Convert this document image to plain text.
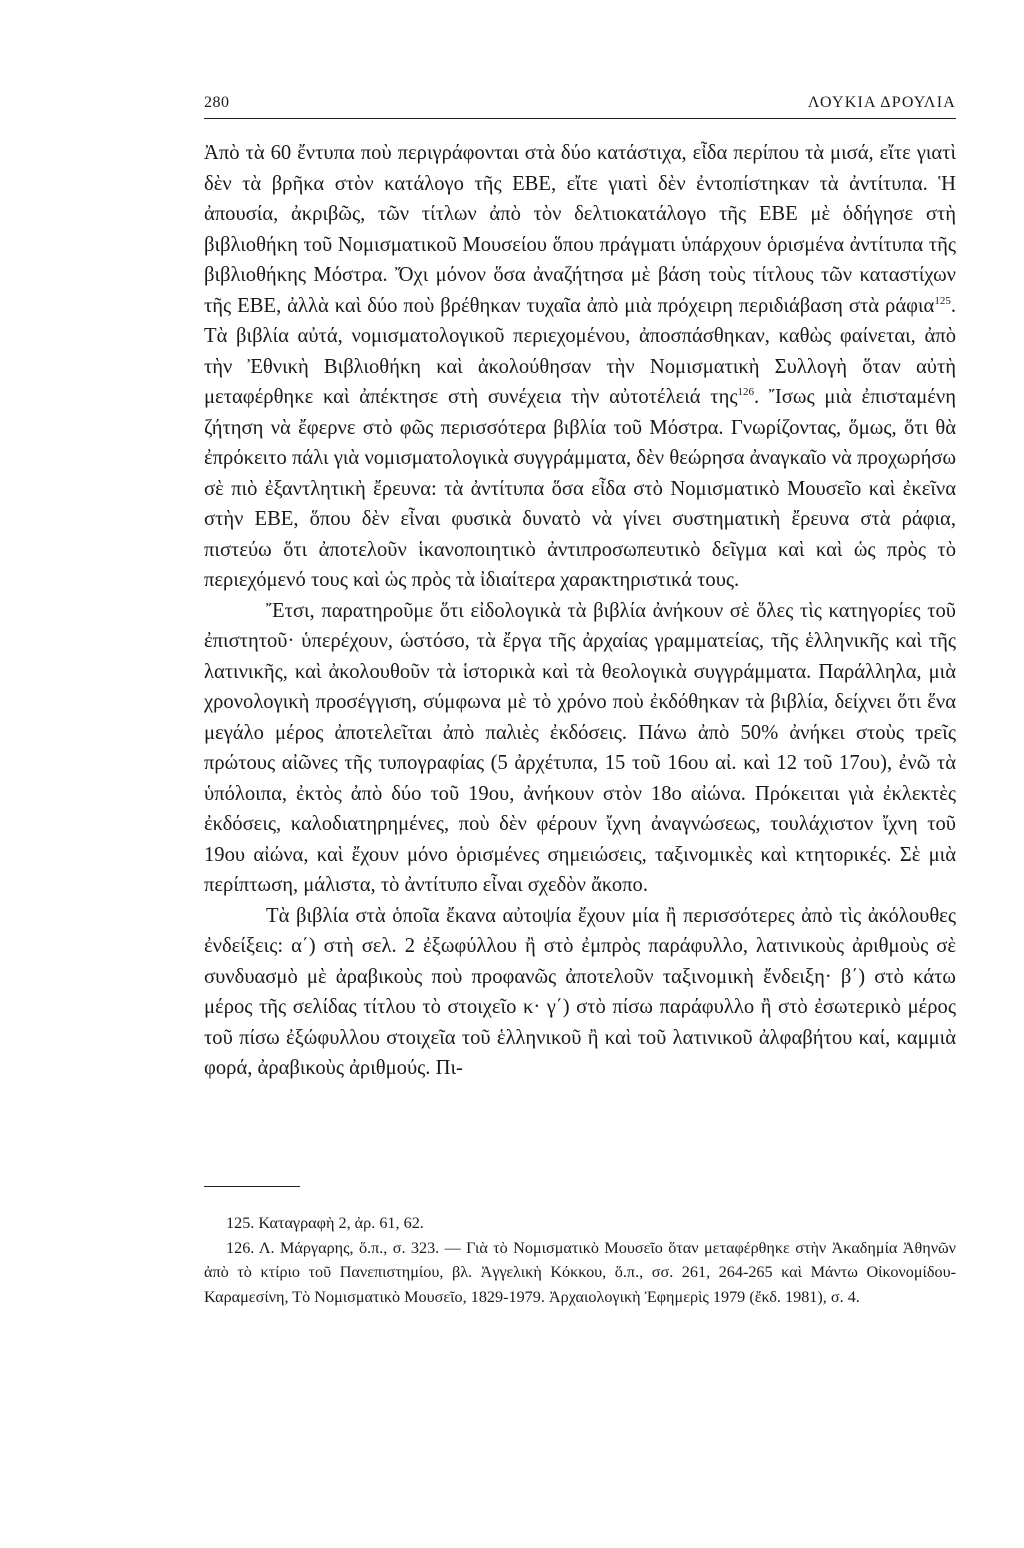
280	ΛΟΥΚΙΑ ΔΡΟΥΛΙΑ

Ἀπὸ τὰ 60 ἔντυπα ποὺ περιγράφονται στὰ δύο κατάστιχα, εἶδα περίπου τὰ μισά, εἴτε γιατὶ δὲν τὰ βρῆκα στὸν κατάλογο τῆς ΕΒΕ, εἴτε γιατὶ δὲν ἐντοπίστηκαν τὰ ἀντίτυπα. Ἡ ἀπουσία, ἀκριβῶς, τῶν τίτλων ἀπὸ τὸν δελτιοκατάλογο τῆς ΕΒΕ μὲ ὁδήγησε στὴ βιβλιοθήκη τοῦ Νομισματικοῦ Μουσείου ὅπου πράγματι ὑπάρχουν ὁρισμένα ἀντίτυπα τῆς βιβλιοθήκης Μόστρα. Ὄχι μόνον ὅσα ἀναζήτησα μὲ βάση τοὺς τίτλους τῶν καταστίχων τῆς ΕΒΕ, ἀλλὰ καὶ δύο ποὺ βρέθηκαν τυχαῖα ἀπὸ μιὰ πρόχειρη περιδιάβαση στὰ ράφια$^{125}$. Τὰ βιβλία αὐτά, νομισματολογικοῦ περιεχομένου, ἀποσπάσθηκαν, καθὼς φαίνεται, ἀπὸ τὴν Ἐθνικὴ Βιβλιοθήκη καὶ ἀκολούθησαν τὴν Νομισματικὴ Συλλογὴ ὅταν αὐτὴ μεταφέρθηκε καὶ ἀπέκτησε στὴ συνέχεια τὴν αὐτοτέλειά της$^{126}$. Ἴσως μιὰ ἐπισταμένη ζήτηση νὰ ἔφερνε στὸ φῶς περισσότερα βιβλία τοῦ Μόστρα. Γνωρίζοντας, ὅμως, ὅτι θὰ ἐπρόκειτο πάλι γιὰ νομισματολογικὰ συγγράμματα, δὲν θεώρησα ἀναγκαῖο νὰ προχωρήσω σὲ πιὸ ἐξαντλητικὴ ἔρευνα: τὰ ἀντίτυπα ὅσα εἶδα στὸ Νομισματικὸ Μουσεῖο καὶ ἐκεῖνα στὴν ΕΒΕ, ὅπου δὲν εἶναι φυσικὰ δυνατὸ νὰ γίνει συστηματικὴ ἔρευνα στὰ ράφια, πιστεύω ὅτι ἀποτελοῦν ἱκανοποιητικὸ ἀντιπροσωπευτικὸ δεῖγμα καὶ καὶ ὡς πρὸς τὸ περιεχόμενό τους καὶ ὡς πρὸς τὰ ἰδιαίτερα χαρακτηριστικά τους.

Ἔτσι, παρατηροῦμε ὅτι εἰδολογικὰ τὰ βιβλία ἀνήκουν σὲ ὅλες τὶς κατηγορίες τοῦ ἐπιστητοῦ· ὑπερέχουν, ὡστόσο, τὰ ἔργα τῆς ἀρχαίας γραμματείας, τῆς ἑλληνικῆς καὶ τῆς λατινικῆς, καὶ ἀκολουθοῦν τὰ ἱστορικὰ καὶ τὰ θεολογικὰ συγγράμματα. Παράλληλα, μιὰ χρονολογικὴ προσέγγιση, σύμφωνα μὲ τὸ χρόνο ποὺ ἐκδόθηκαν τὰ βιβλία, δείχνει ὅτι ἕνα μεγάλο μέρος ἀποτελεῖται ἀπὸ παλιὲς ἐκδόσεις. Πάνω ἀπὸ 50% ἀνήκει στοὺς τρεῖς πρώτους αἰῶνες τῆς τυπογραφίας (5 ἀρχέτυπα, 15 τοῦ 16ου αἰ. καὶ 12 τοῦ 17ου), ἐνῶ τὰ ὑπόλοιπα, ἐκτὸς ἀπὸ δύο τοῦ 19ου, ἀνήκουν στὸν 18ο αἰώνα. Πρόκειται γιὰ ἐκλεκτὲς ἐκδόσεις, καλοδιατηρημένες, ποὺ δὲν φέρουν ἴχνη ἀναγνώσεως, τουλάχιστον ἴχνη τοῦ 19ου αἰώνα, καὶ ἔχουν μόνο ὁρισμένες σημειώσεις, ταξινομικὲς καὶ κτητορικές. Σὲ μιὰ περίπτωση, μάλιστα, τὸ ἀντίτυπο εἶναι σχεδὸν ἄκοπο.

Τὰ βιβλία στὰ ὁποῖα ἔκανα αὐτοψία ἔχουν μία ἢ περισσότερες ἀπὸ τὶς ἀκόλουθες ἐνδείξεις: α΄) στὴ σελ. 2 ἐξωφύλλου ἢ στὸ ἐμπρὸς παράφυλλο, λατινικοὺς ἀριθμοὺς σὲ συνδυασμὸ μὲ ἀραβικοὺς ποὺ προφανῶς ἀποτελοῦν ταξινομικὴ ἔνδειξη· β΄) στὸ κάτω μέρος τῆς σελίδας τίτλου τὸ στοιχεῖο κ· γ΄) στὸ πίσω παράφυλλο ἢ στὸ ἐσωτερικὸ μέρος τοῦ πίσω ἐξώφυλλου στοιχεῖα τοῦ ἑλληνικοῦ ἢ καὶ τοῦ λατινικοῦ ἀλφαβήτου καί, καμμιὰ φορά, ἀραβικοὺς ἀριθμούς. Πι-

125. Καταγραφὴ 2, ἀρ. 61, 62.

126. Λ. Μάργαρης, ὅ.π., σ. 323. — Γιὰ τὸ Νομισματικὸ Μουσεῖο ὅταν μεταφέρθηκε στὴν Ἀκαδημία Ἀθηνῶν ἀπὸ τὸ κτίριο τοῦ Πανεπιστημίου, βλ. Ἀγγελικὴ Κόκκου, ὅ.π., σσ. 261, 264-265 καὶ Μάντω Οἰκονομίδου-Καραμεσίνη, Τὸ Νομισματικὸ Μουσεῖο, 1829-1979. Ἀρχαιολογικὴ Ἐφημερὶς 1979 (ἔκδ. 1981), σ. 4.
